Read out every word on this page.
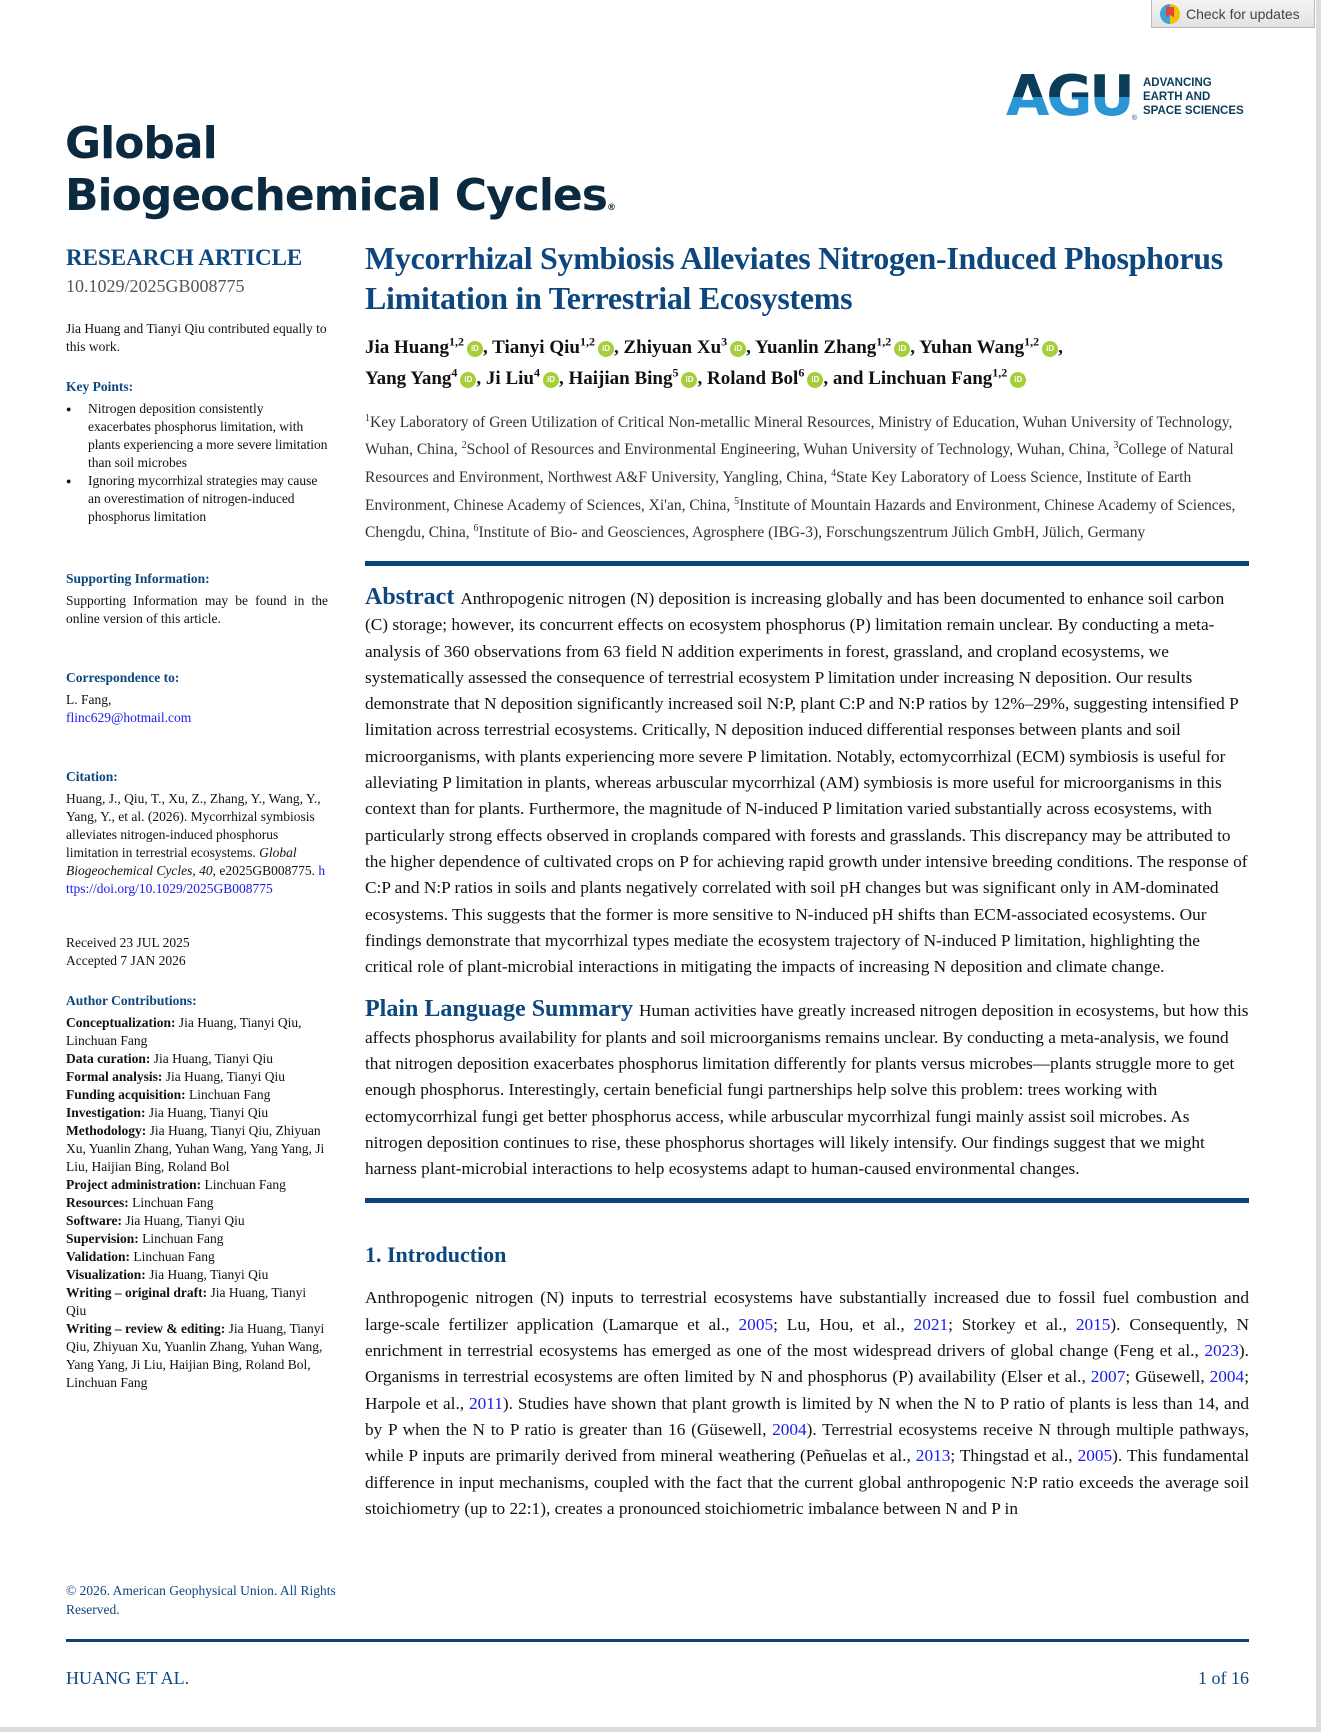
Check for updates
AGU ®
ADVANCING
EARTH AND
SPACE SCIENCES
Global
Biogeochemical Cycles®
RESEARCH ARTICLE
10.1029/2025GB008775
Jia Huang and Tianyi Qiu contributed equally to this work.
Key Points:
● Nitrogen deposition consistently exacerbates phosphorus limitation, with plants experiencing a more severe limitation than soil microbes
● Ignoring mycorrhizal strategies may cause an overestimation of nitrogen-induced phosphorus limitation
Supporting Information:
Supporting Information may be found in the online version of this article.
Correspondence to:
L. Fang,
flinc629@hotmail.com
Citation:
Huang, J., Qiu, T., Xu, Z., Zhang, Y., Wang, Y., Yang, Y., et al. (2026). Mycorrhizal symbiosis alleviates nitrogen-induced phosphorus limitation in terrestrial ecosystems. Global Biogeochemical Cycles, 40, e2025GB008775. https://doi.org/10.1029/2025GB008775
Received 23 JUL 2025
Accepted 7 JAN 2026
Author Contributions:
Conceptualization: Jia Huang, Tianyi Qiu, Linchuan Fang
Data curation: Jia Huang, Tianyi Qiu
Formal analysis: Jia Huang, Tianyi Qiu
Funding acquisition: Linchuan Fang
Investigation: Jia Huang, Tianyi Qiu
Methodology: Jia Huang, Tianyi Qiu, Zhiyuan Xu, Yuanlin Zhang, Yuhan Wang, Yang Yang, Ji Liu, Haijian Bing, Roland Bol
Project administration: Linchuan Fang
Resources: Linchuan Fang
Software: Jia Huang, Tianyi Qiu
Supervision: Linchuan Fang
Validation: Linchuan Fang
Visualization: Jia Huang, Tianyi Qiu
Writing – original draft: Jia Huang, Tianyi Qiu
Writing – review & editing: Jia Huang, Tianyi Qiu, Zhiyuan Xu, Yuanlin Zhang, Yuhan Wang, Yang Yang, Ji Liu, Haijian Bing, Roland Bol, Linchuan Fang
© 2026. American Geophysical Union. All Rights Reserved.
Mycorrhizal Symbiosis Alleviates Nitrogen-Induced Phosphorus Limitation in Terrestrial Ecosystems
Jia Huang$^{1,2}$ iD , Tianyi Qiu$^{1,2}$ iD , Zhiyuan Xu$^3$ iD , Yuanlin Zhang$^{1,2}$ iD , Yuhan Wang$^{1,2}$ iD ,
Yang Yang$^4$ iD , Ji Liu$^4$ iD , Haijian Bing$^5$ iD , Roland Bol$^6$ iD , and Linchuan Fang$^{1,2}$ iD
$^1$Key Laboratory of Green Utilization of Critical Non-metallic Mineral Resources, Ministry of Education, Wuhan University of Technology, Wuhan, China, $^2$School of Resources and Environmental Engineering, Wuhan University of Technology, Wuhan, China, $^3$College of Natural Resources and Environment, Northwest A&F University, Yangling, China, $^4$State Key Laboratory of Loess Science, Institute of Earth Environment, Chinese Academy of Sciences, Xi'an, China, $^5$Institute of Mountain Hazards and Environment, Chinese Academy of Sciences, Chengdu, China, $^6$Institute of Bio- and Geosciences, Agrosphere (IBG-3), Forschungszentrum Jülich GmbH, Jülich, Germany
Abstract Anthropogenic nitrogen (N) deposition is increasing globally and has been documented to enhance soil carbon (C) storage; however, its concurrent effects on ecosystem phosphorus (P) limitation remain unclear. By conducting a meta-analysis of 360 observations from 63 field N addition experiments in forest, grassland, and cropland ecosystems, we systematically assessed the consequence of terrestrial ecosystem P limitation under increasing N deposition. Our results demonstrate that N deposition significantly increased soil N:P, plant C:P and N:P ratios by 12%–29%, suggesting intensified P limitation across terrestrial ecosystems. Critically, N deposition induced differential responses between plants and soil microorganisms, with plants experiencing more severe P limitation. Notably, ectomycorrhizal (ECM) symbiosis is useful for alleviating P limitation in plants, whereas arbuscular mycorrhizal (AM) symbiosis is more useful for microorganisms in this context than for plants. Furthermore, the magnitude of N-induced P limitation varied substantially across ecosystems, with particularly strong effects observed in croplands compared with forests and grasslands. This discrepancy may be attributed to the higher dependence of cultivated crops on P for achieving rapid growth under intensive breeding conditions. The response of C:P and N:P ratios in soils and plants negatively correlated with soil pH changes but was significant only in AM-dominated ecosystems. This suggests that the former is more sensitive to N-induced pH shifts than ECM-associated ecosystems. Our findings demonstrate that mycorrhizal types mediate the ecosystem trajectory of N-induced P limitation, highlighting the critical role of plant-microbial interactions in mitigating the impacts of increasing N deposition and climate change.
Plain Language Summary Human activities have greatly increased nitrogen deposition in ecosystems, but how this affects phosphorus availability for plants and soil microorganisms remains unclear. By conducting a meta-analysis, we found that nitrogen deposition exacerbates phosphorus limitation differently for plants versus microbes—plants struggle more to get enough phosphorus. Interestingly, certain beneficial fungi partnerships help solve this problem: trees working with ectomycorrhizal fungi get better phosphorus access, while arbuscular mycorrhizal fungi mainly assist soil microbes. As nitrogen deposition continues to rise, these phosphorus shortages will likely intensify. Our findings suggest that we might harness plant-microbial interactions to help ecosystems adapt to human-caused environmental changes.
1. Introduction
Anthropogenic nitrogen (N) inputs to terrestrial ecosystems have substantially increased due to fossil fuel combustion and large-scale fertilizer application (Lamarque et al., 2005; Lu, Hou, et al., 2021; Storkey et al., 2015). Consequently, N enrichment in terrestrial ecosystems has emerged as one of the most widespread drivers of global change (Feng et al., 2023). Organisms in terrestrial ecosystems are often limited by N and phosphorus (P) availability (Elser et al., 2007; Güsewell, 2004; Harpole et al., 2011). Studies have shown that plant growth is limited by N when the N to P ratio of plants is less than 14, and by P when the N to P ratio is greater than 16 (Güsewell, 2004). Terrestrial ecosystems receive N through multiple pathways, while P inputs are primarily derived from mineral weathering (Peñuelas et al., 2013; Thingstad et al., 2005). This fundamental difference in input mechanisms, coupled with the fact that the current global anthropogenic N:P ratio exceeds the average soil stoichiometry (up to 22:1), creates a pronounced stoichiometric imbalance between N and P in
HUANG ET AL.	1 of 16
